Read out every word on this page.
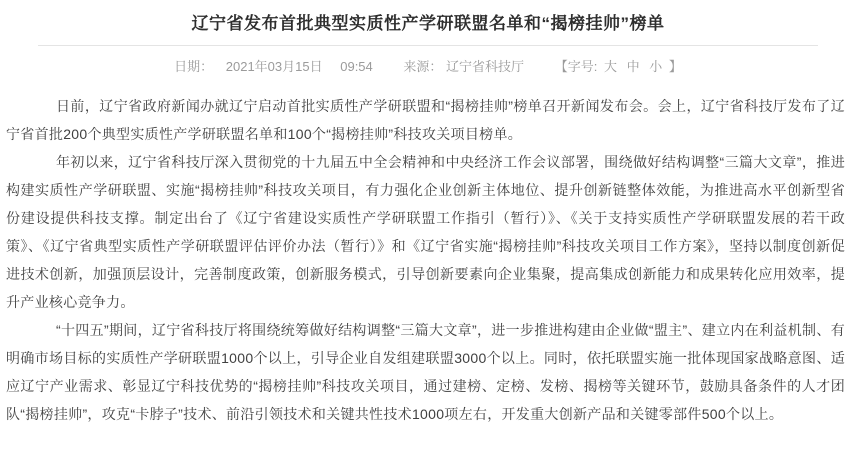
辽宁省发布首批典型实质性产学研联盟名单和“揭榜挂帅”榜单
日期： 2021年03月15日 09:54 来源： 辽宁省科技厅 【字号: 大 中 小 】

日前，辽宁省政府新闻办就辽宁启动首批实质性产学研联盟和“揭榜挂帅”榜单召开新闻发布会。会上，辽宁省科技厅发布了辽宁省首批200个典型实质性产学研联盟名单和100个“揭榜挂帅”科技攻关项目榜单。

年初以来，辽宁省科技厅深入贯彻党的十九届五中全会精神和中央经济工作会议部署，围绕做好结构调整“三篇大文章”，推进构建实质性产学研联盟、实施“揭榜挂帅”科技攻关项目，有力强化企业创新主体地位、提升创新链整体效能，为推进高水平创新型省份建设提供科技支撑。制定出台了《辽宁省建设实质性产学研联盟工作指引（暂行）》、《关于支持实质性产学研联盟发展的若干政策》、《辽宁省典型实质性产学研联盟评估评价办法（暂行）》和《辽宁省实施“揭榜挂帅”科技攻关项目工作方案》，坚持以制度创新促进技术创新，加强顶层设计，完善制度政策，创新服务模式，引导创新要素向企业集聚，提高集成创新能力和成果转化应用效率，提升产业核心竞争力。

“十四五”期间，辽宁省科技厅将围绕统筹做好结构调整“三篇大文章”，进一步推进构建由企业做“盟主”、建立内在利益机制、有明确市场目标的实质性产学研联盟1000个以上，引导企业自发组建联盟3000个以上。同时，依托联盟实施一批体现国家战略意图、适应辽宁产业需求、彰显辽宁科技优势的“揭榜挂帅”科技攻关项目，通过建榜、定榜、发榜、揭榜等关键环节，鼓励具备条件的人才团队“揭榜挂帅”，攻克“卡脖子”技术、前沿引领技术和关键共性技术1000项左右，开发重大创新产品和关键零部件500个以上。
